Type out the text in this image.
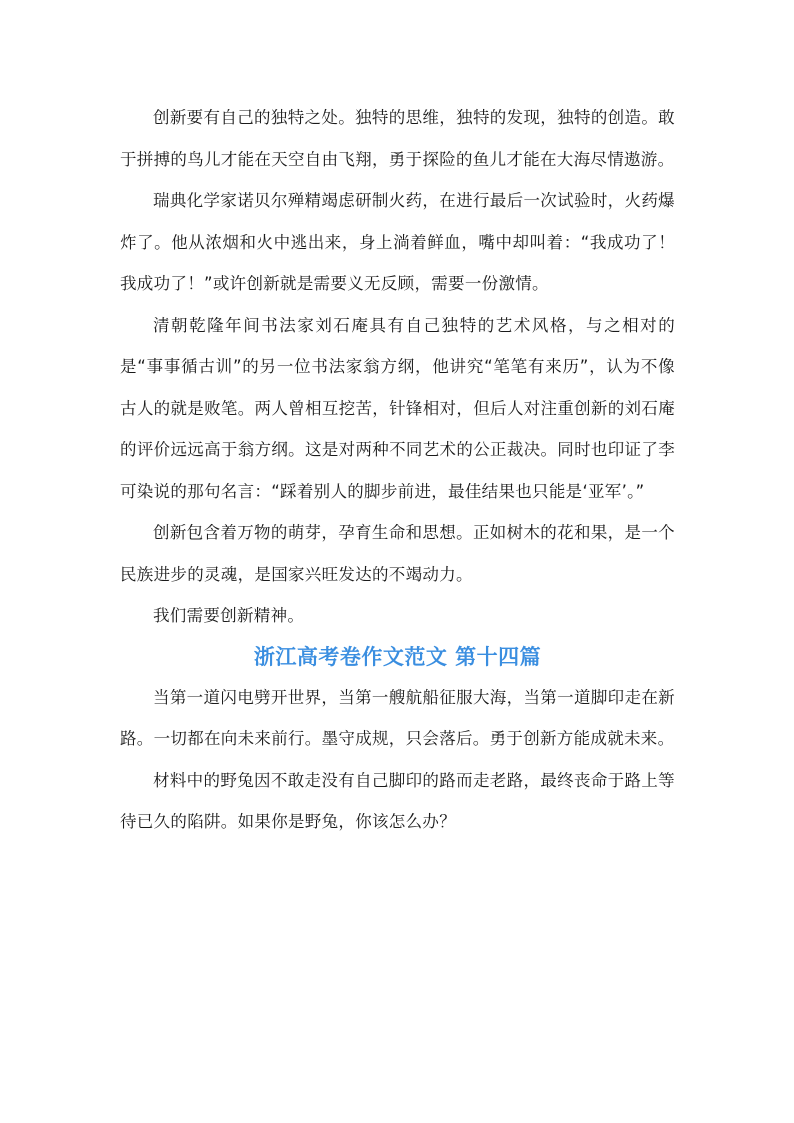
创新要有自己的独特之处。独特的思维，独特的发现，独特的创造。敢于拼搏的鸟儿才能在天空自由飞翔，勇于探险的鱼儿才能在大海尽情遨游。

瑞典化学家诺贝尔殚精竭虑研制火药，在进行最后一次试验时，火药爆炸了。他从浓烟和火中逃出来，身上淌着鲜血，嘴中却叫着：“我成功了！我成功了！”或许创新就是需要义无反顾，需要一份激情。

清朝乾隆年间书法家刘石庵具有自己独特的艺术风格，与之相对的是“事事循古训”的另一位书法家翁方纲，他讲究“笔笔有来历”，认为不像古人的就是败笔。两人曾相互挖苦，针锋相对，但后人对注重创新的刘石庵的评价远远高于翁方纲。这是对两种不同艺术的公正裁决。同时也印证了李可染说的那句名言：“踩着别人的脚步前进，最佳结果也只能是‘亚军’。”

创新包含着万物的萌芽，孕育生命和思想。正如树木的花和果，是一个民族进步的灵魂，是国家兴旺发达的不竭动力。

我们需要创新精神。

浙江高考卷作文范文 第十四篇

当第一道闪电劈开世界，当第一艘航船征服大海，当第一道脚印走在新路。一切都在向未来前行。墨守成规，只会落后。勇于创新方能成就未来。

材料中的野兔因不敢走没有自己脚印的路而走老路，最终丧命于路上等待已久的陷阱。如果你是野兔，你该怎么办？
